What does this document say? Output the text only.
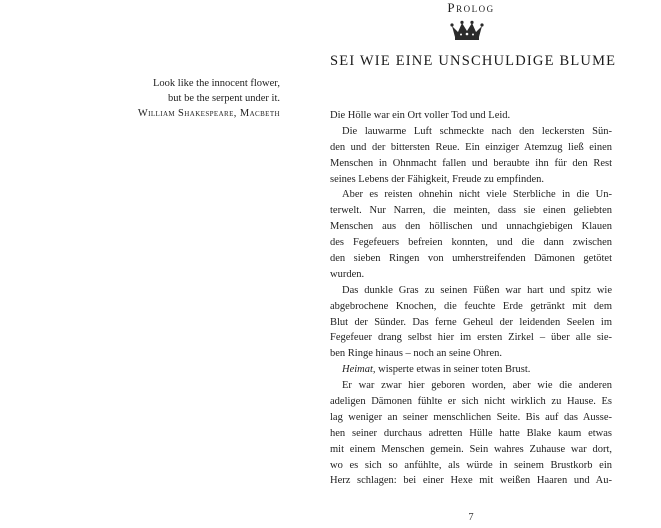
Prolog
SEI WIE EINE UNSCHULDIGE BLUME
Look like the innocent flower,
but be the serpent under it.
William Shakespeare, Macbeth	Die Hölle war ein Ort voller Tod und Leid.
Die lauwarme Luft schmeckte nach den leckersten Sün-
den und der bittersten Reue. Ein einziger Atemzug ließ einen
Menschen in Ohnmacht fallen und beraubte ihn für den Rest
seines Lebens der Fähigkeit, Freude zu empfinden.
Aber es reisten ohnehin nicht viele Sterbliche in die Un-
terwelt. Nur Narren, die meinten, dass sie einen geliebten
Menschen aus den höllischen und unnachgiebigen Klauen
des Fegefeuers befreien konnten, und die dann zwischen
den sieben Ringen von umherstreifenden Dämonen getötet
wurden.
Das dunkle Gras zu seinen Füßen war hart und spitz wie
abgebrochene Knochen, die feuchte Erde getränkt mit dem
Blut der Sünder. Das ferne Geheul der leidenden Seelen im
Fegefeuer drang selbst hier im ersten Zirkel – über alle sie-
ben Ringe hinaus – noch an seine Ohren.
Heimat, wisperte etwas in seiner toten Brust.
Er war zwar hier geboren worden, aber wie die anderen
adeligen Dämonen fühlte er sich nicht wirklich zu Hause. Es
lag weniger an seiner menschlichen Seite. Bis auf das Ausse-
hen seiner durchaus adretten Hülle hatte Blake kaum etwas
mit einem Menschen gemein. Sein wahres Zuhause war dort,
wo es sich so anfühlte, als würde in seinem Brustkorb ein
Herz schlagen: bei einer Hexe mit weißen Haaren und Au-
7
